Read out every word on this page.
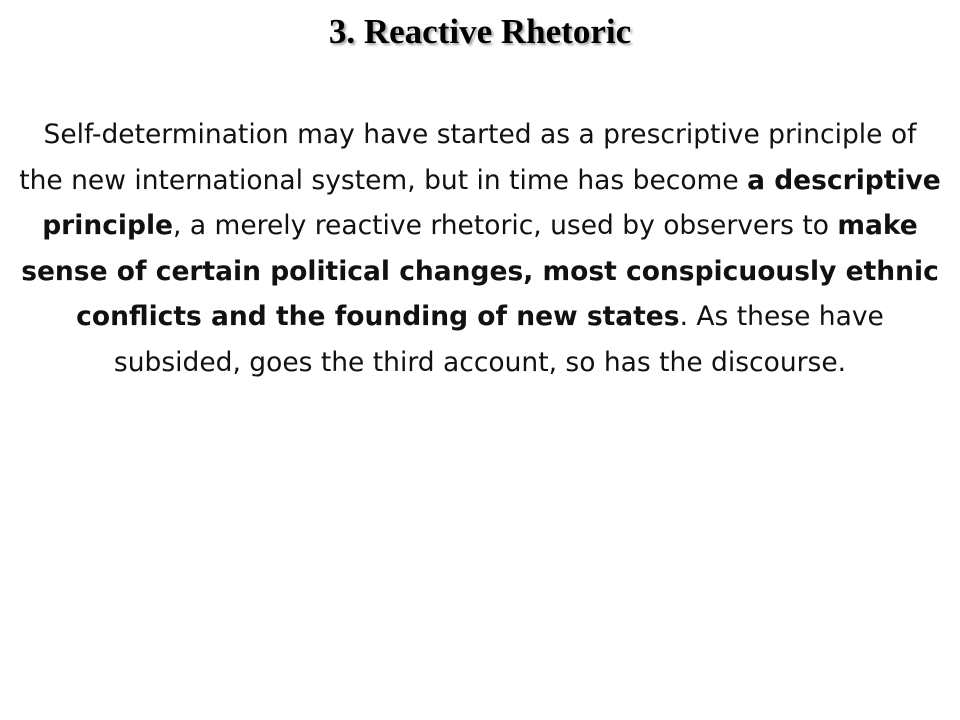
3. Reactive Rhetoric

Self-determination may have started as a prescriptive principle of the new international system, but in time has become a descriptive principle, a merely reactive rhetoric, used by observers to make sense of certain political changes, most conspicuously ethnic conflicts and the founding of new states. As these have subsided, goes the third account, so has the discourse.
